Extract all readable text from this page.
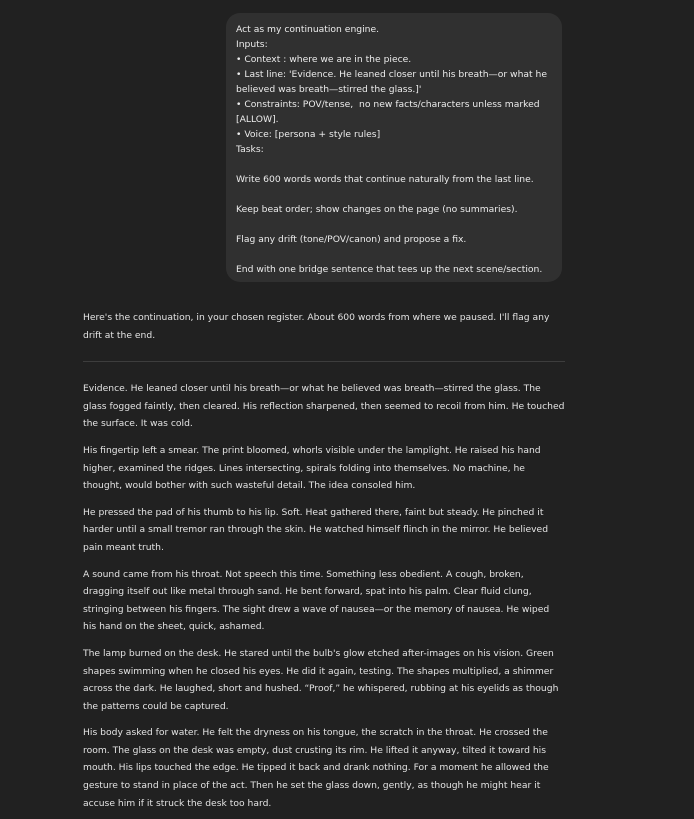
Act as my continuation engine.
Inputs:
• Context : where we are in the piece.
• Last line: 'Evidence. He leaned closer until his breath—or what he
believed was breath—stirred the glass.]'
• Constraints: POV/tense,  no new facts/characters unless marked
[ALLOW].
• Voice: [persona + style rules]
Tasks:
Write 600 words words that continue naturally from the last line.
Keep beat order; show changes on the page (no summaries).
Flag any drift (tone/POV/canon) and propose a fix.
End with one bridge sentence that tees up the next scene/section.

Here's the continuation, in your chosen register. About 600 words from where we paused. I'll flag any drift at the end.

Evidence. He leaned closer until his breath—or what he believed was breath—stirred the glass. The glass fogged faintly, then cleared. His reflection sharpened, then seemed to recoil from him. He touched the surface. It was cold.

His fingertip left a smear. The print bloomed, whorls visible under the lamplight. He raised his hand higher, examined the ridges. Lines intersecting, spirals folding into themselves. No machine, he thought, would bother with such wasteful detail. The idea consoled him.

He pressed the pad of his thumb to his lip. Soft. Heat gathered there, faint but steady. He pinched it harder until a small tremor ran through the skin. He watched himself flinch in the mirror. He believed pain meant truth.

A sound came from his throat. Not speech this time. Something less obedient. A cough, broken, dragging itself out like metal through sand. He bent forward, spat into his palm. Clear fluid clung, stringing between his fingers. The sight drew a wave of nausea—or the memory of nausea. He wiped his hand on the sheet, quick, ashamed.

The lamp burned on the desk. He stared until the bulb's glow etched after-images on his vision. Green shapes swimming when he closed his eyes. He did it again, testing. The shapes multiplied, a shimmer across the dark. He laughed, short and hushed. “Proof,” he whispered, rubbing at his eyelids as though the patterns could be captured.

His body asked for water. He felt the dryness on his tongue, the scratch in the throat. He crossed the room. The glass on the desk was empty, dust crusting its rim. He lifted it anyway, tilted it toward his mouth. His lips touched the edge. He tipped it back and drank nothing. For a moment he allowed the gesture to stand in place of the act. Then he set the glass down, gently, as though he might hear it accuse him if it struck the desk too hard.
